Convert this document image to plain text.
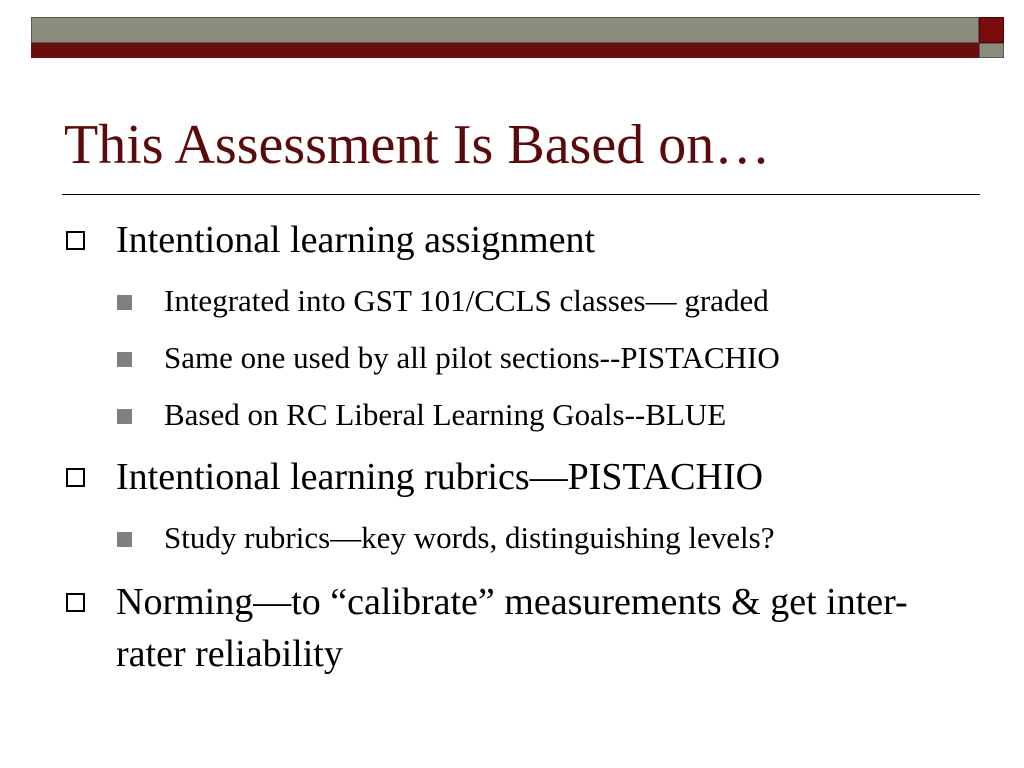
This Assessment Is Based on…
Intentional learning assignment
Integrated into GST 101/CCLS classes— graded
Same one used by all pilot sections--PISTACHIO
Based on RC Liberal Learning Goals--BLUE
Intentional learning rubrics—PISTACHIO
Study rubrics—key words, distinguishing levels?
Norming—to “calibrate” measurements & get inter-rater reliability
